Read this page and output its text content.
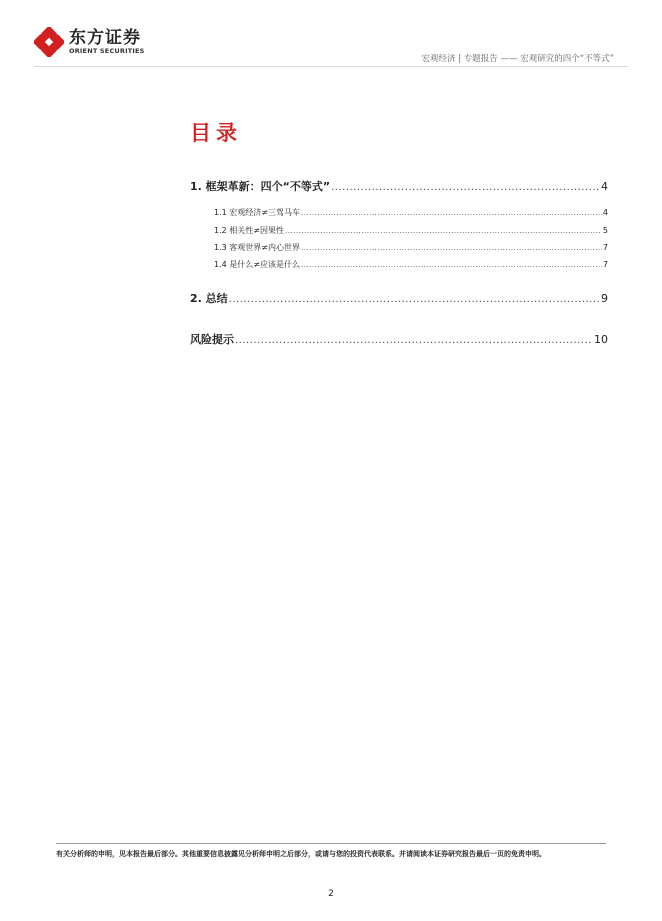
东方证券
ORIENT SECURITIES
宏观经济 | 专题报告 —— 宏观研究的四个“不等式”
目录
1. 框架革新：四个“不等式” .....	4
1.1 宏观经济≠三驾马车 .....	4
1.2 相关性≠因果性 .....	5
1.3 客观世界≠内心世界 .....	7
1.4 是什么≠应该是什么 .....	7
2. 总结 .....	9
风险提示 .....	10
有关分析师的申明，见本报告最后部分。其他重要信息披露见分析师申明之后部分，或请与您的投资代表联系。并请阅读本证券研究报告最后一页的免责申明。
2
